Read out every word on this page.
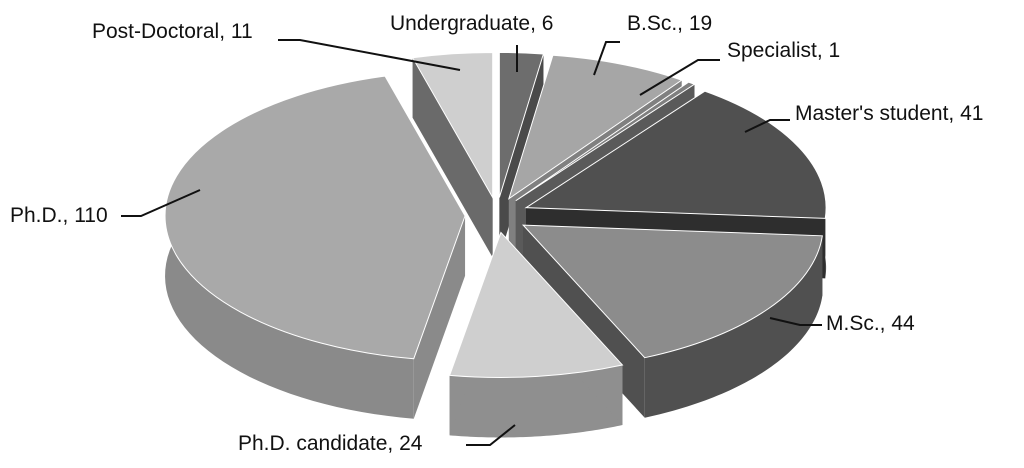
Undergraduate, 6	B.Sc., 19
Specialist, 1
Master's student, 41
M.Sc., 44
Ph.D. candidate, 24
Ph.D., 110
Post-Doctoral, 11
